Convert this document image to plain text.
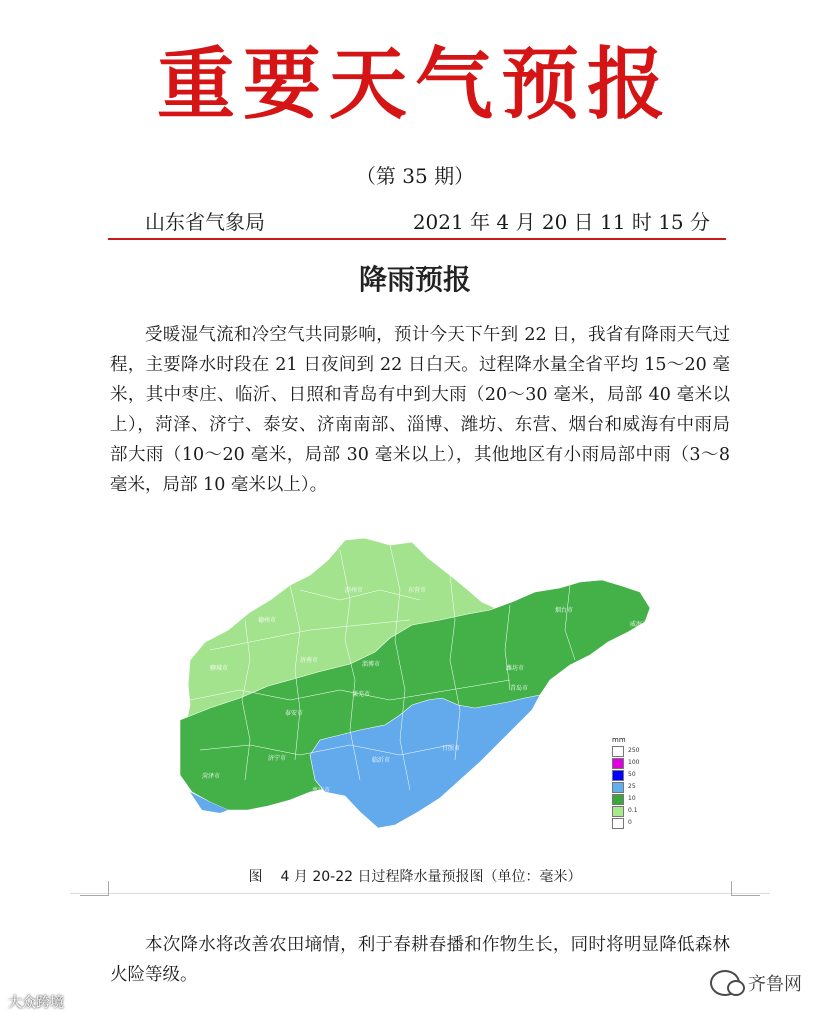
重要天气预报
（第 35 期）
山东省气象局	2021 年 4 月 20 日 11 时 15 分
降雨预报

受暖湿气流和冷空气共同影响，预计今天下午到 22 日，我省有降雨天气过程，主要降水时段在 21 日夜间到 22 日白天。过程降水量全省平均 15～20 毫米，其中枣庄、临沂、日照和青岛有中到大雨（20～30 毫米，局部 40 毫米以上），菏泽、济宁、泰安、济南南部、淄博、潍坊、东营、烟台和威海有中雨局部大雨（10～20 毫米，局部 30 毫米以上），其他地区有小雨局部中雨（3～8 毫米，局部 10 毫米以上）。

滨州市	东营市
德州市
聊城市
济南市
淄博市
潍坊市
烟台市
威海市
泰安市
莱芜市
菏泽市
济宁市	临沂市
枣庄市
日照市
青岛市
mm
250
100
50
25
10
0.1
0
图 4 月 20-22 日过程降水量预报图（单位：毫米）

本次降水将改善农田墒情，利于春耕春播和作物生长，同时将明显降低森林火险等级。

大众跨境
齐鲁网
